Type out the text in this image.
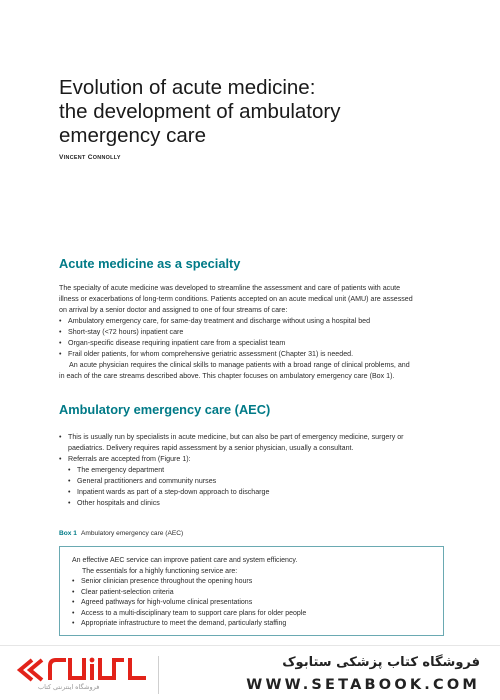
Evolution of acute medicine:
the development of ambulatory
emergency care
VINCENT CONNOLLY
Acute medicine as a specialty

The specialty of acute medicine was developed to streamline the assessment and care of patients with acute

illness or exacerbations of long-term conditions. Patients accepted on an acute medical unit (AMU) are assessed

on arrival by a senior doctor and assigned to one of four streams of care:

• Ambulatory emergency care, for same-day treatment and discharge without using a hospital bed
• Short-stay (<72 hours) inpatient care
• Organ-specific disease requiring inpatient care from a specialist team
• Frail older patients, for whom comprehensive geriatric assessment (Chapter 31) is needed.

An acute physician requires the clinical skills to manage patients with a broad range of clinical problems, and

in each of the care streams described above. This chapter focuses on ambulatory emergency care (Box 1).

Ambulatory emergency care (AEC)
• This is usually run by specialists in acute medicine, but can also be part of emergency medicine, surgery or
paediatrics. Delivery requires rapid assessment by a senior physician, usually a consultant.
• Referrals are accepted from (Figure 1):
• The emergency department
• General practitioners and community nurses
• Inpatient wards as part of a step-down approach to discharge
• Other hospitals and clinics
Box 1 Ambulatory emergency care (AEC)

An effective AEC service can improve patient care and system efficiency.

The essentials for a highly functioning service are:

• Senior clinician presence throughout the opening hours
• Clear patient-selection criteria
• Agreed pathways for high-volume clinical presentations
• Access to a multi-disciplinary team to support care plans for older people
• Appropriate infrastructure to meet the demand, particularly staffing
فروشگاه اینترنتی کتاب
فروشگاه کتاب پزشکی ستابوک
WWW.SETABOOK.COM
